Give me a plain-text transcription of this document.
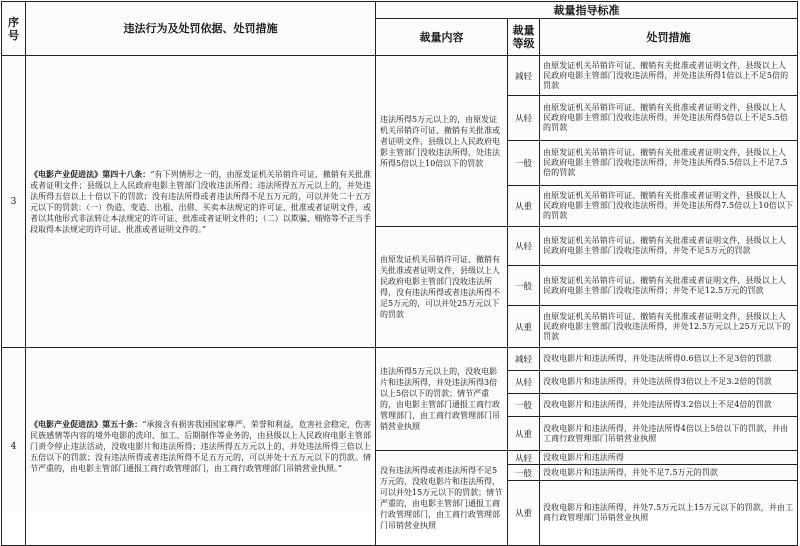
序号	违法行为及处罚依据、处罚措施	裁量指导标准		
		裁量内容	裁量等级	处罚措施
3	《电影产业促进法》第四十八条：“有下列情形之一的，由原发证机关吊销许可证、撤销有关批准或者证明文件；县级以上人民政府电影主管部门没收违法所得；违法所得五万元以上的，并处违法所得五倍以上十倍以下的罚款；没有违法所得或者违法所得不足五万元的，可以并处二十五万元以下的罚款：（一）伪造、变造、出租、出借、买卖本法规定的许可证、批准或者证明文件，或者以其他形式非法转让本法规定的许可证、批准或者证明文件的；（二）以欺骗、贿赂等不正当手段取得本法规定的许可证、批准或者证明文件的。”	违法所得5万元以上的，由原发证机关吊销许可证、撤销有关批准或者证明文件，县级以上人民政府电影主管部门没收违法所得，处违法所得5倍以上10倍以下的罚款	减轻	由原发证机关吊销许可证、撤销有关批准或者证明文件，县级以上人民政府电影主管部门没收违法所得，并处违法所得1倍以上不足5倍的罚款
			从轻	由原发证机关吊销许可证、撤销有关批准或者证明文件，县级以上人民政府电影主管部门没收违法所得，并处违法所得5倍以上不足5.5倍的罚款
			一般	由原发证机关吊销许可证、撤销有关批准或者证明文件，县级以上人民政府电影主管部门没收违法所得，并处违法所得5.5倍以上不足7.5倍的罚款
			从重	由原发证机关吊销许可证、撤销有关批准或者证明文件，县级以上人民政府电影主管部门没收违法所得，并处违法所得7.5倍以上10倍以下的罚款
		由原发证机关吊销许可证、撤销有关批准或者证明文件，县级以上人民政府电影主管部门没收违法所得，没有违法所得或者违法所得不足5万元的，可以并处25万元以下的罚款	从轻	由原发证机关吊销许可证、撤销有关批准或者证明文件，县级以上人民政府电影主管部门没收违法所得，并处不足5万元的罚款
			一般	由原发证机关吊销许可证、撤销有关批准或者证明文件，县级以上人民政府电影主管部门没收违法所得；并处不足12.5万元的罚款
			从重	由原发证机关吊销许可证、撤销有关批准或者证明文件，县级以上人民政府电影主管部门没收违法所得，并处12.5万元以上25万元以下的罚款
4	《电影产业促进法》第五十条：“承接含有损害我国国家尊严、荣誉和利益，危害社会稳定，伤害民族感情等内容的境外电影的洗印、加工、后期制作等业务的，由县级以上人民政府电影主管部门责令停止违法活动，没收电影片和违法所得；违法所得五万元以上的，并处违法所得三倍以上五倍以下的罚款；没有违法所得或者违法所得不足五万元的，可以并处十五万元以下的罚款。情节严重的，由电影主管部门通报工商行政管理部门，由工商行政管理部门吊销营业执照。”	违法所得5万元以上的，没收电影片和违法所得，并处违法所得3倍以上5倍以下的罚款；情节严重的，由电影主管部门通报工商行政管理部门，由工商行政管理部门吊销营业执照	减轻	没收电影片和违法所得，并处违法所得0.6倍以上不足3倍的罚款
			从轻	没收电影片和违法所得，并处违法所得3倍以上不足3.2倍的罚款
			一般	没收电影片和违法所得，并处违法所得3.2倍以上不足4倍的罚款
			从重	没收电影片和违法所得，并处违法所得4倍以上5倍以下的罚款，并由工商行政管理部门吊销营业执照
		没有违法所得或者违法所得不足5万元的，没收电影片和违法所得，可以并处15万元以下的罚款；情节严重的，由电影主管部门通报工商行政管理部门，由工商行政管理部门吊销营业执照	从轻	没收电影片和违法所得
			一般	没收电影片和违法所得，并处不足7.5万元的罚款
			从重	没收电影片和违法所得，并处7.5万元以上15万元以下的罚款，并由工商行政管理部门吊销营业执照
